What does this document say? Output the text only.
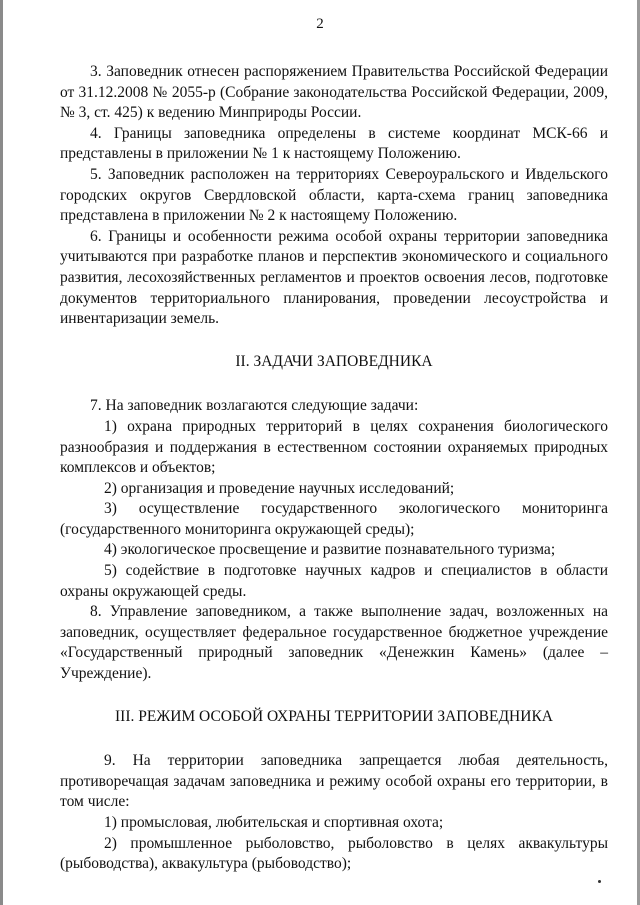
2

3. Заповедник отнесен распоряжением Правительства Российской Федерации от 31.12.2008 № 2055-р (Собрание законодательства Российской Федерации, 2009, № 3, ст. 425) к ведению Минприроды России.

4. Границы заповедника определены в системе координат МСК-66 и представлены в приложении № 1 к настоящему Положению.

5. Заповедник расположен на территориях Североуральского и Ивдельского городских округов Свердловской области, карта-схема границ заповедника представлена в приложении № 2 к настоящему Положению.

6. Границы и особенности режима особой охраны территории заповедника учитываются при разработке планов и перспектив экономического и социального развития, лесохозяйственных регламентов и проектов освоения лесов, подготовке документов территориального планирования, проведении лесоустройства и инвентаризации земель.

II. ЗАДАЧИ ЗАПОВЕДНИКА

7. На заповедник возлагаются следующие задачи:

1) охрана природных территорий в целях сохранения биологического разнообразия и поддержания в естественном состоянии охраняемых природных комплексов и объектов;

2) организация и проведение научных исследований;

3) осуществление государственного экологического мониторинга (государственного мониторинга окружающей среды);

4) экологическое просвещение и развитие познавательного туризма;

5) содействие в подготовке научных кадров и специалистов в области охраны окружающей среды.

8. Управление заповедником, а также выполнение задач, возложенных на заповедник, осуществляет федеральное государственное бюджетное учреждение «Государственный природный заповедник «Денежкин Камень» (далее – Учреждение).

III. РЕЖИМ ОСОБОЙ ОХРАНЫ ТЕРРИТОРИИ ЗАПОВЕДНИКА

9. На территории заповедника запрещается любая деятельность, противоречащая задачам заповедника и режиму особой охраны его территории, в том числе:

1) промысловая, любительская и спортивная охота;

2) промышленное рыболовство, рыболовство в целях аквакультуры (рыбоводства), аквакультура (рыбоводство);
